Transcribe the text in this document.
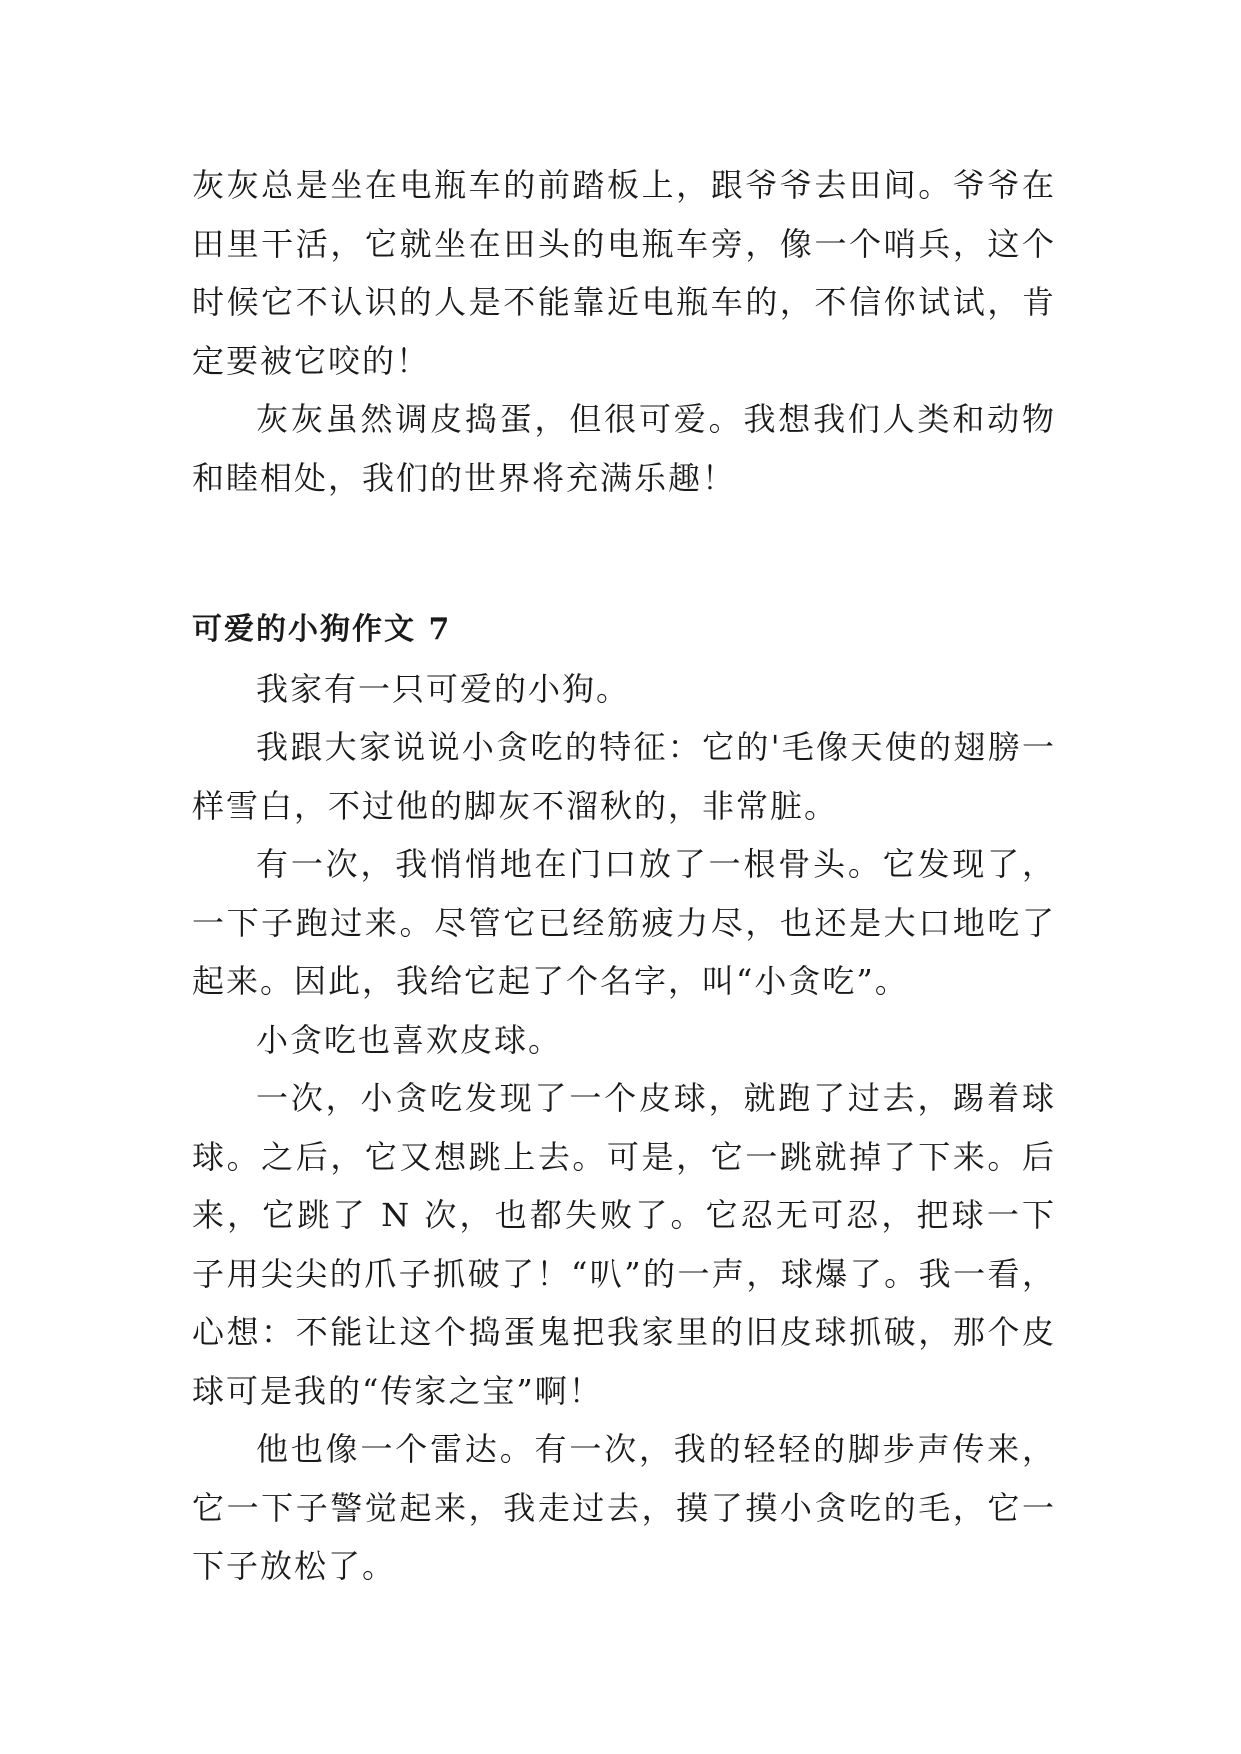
灰灰总是坐在电瓶车的前踏板上，跟爷爷去田间。爷爷在田里干活，它就坐在田头的电瓶车旁，像一个哨兵，这个时候它不认识的人是不能靠近电瓶车的，不信你试试，肯定要被它咬的！

灰灰虽然调皮捣蛋，但很可爱。我想我们人类和动物和睦相处，我们的世界将充满乐趣！

可爱的小狗作文 7

我家有一只可爱的小狗。

我跟大家说说小贪吃的特征：它的'毛像天使的翅膀一样雪白，不过他的脚灰不溜秋的，非常脏。

有一次，我悄悄地在门口放了一根骨头。它发现了，一下子跑过来。尽管它已经筋疲力尽，也还是大口地吃了起来。因此，我给它起了个名字，叫“小贪吃”。

小贪吃也喜欢皮球。

一次，小贪吃发现了一个皮球，就跑了过去，踢着球球。之后，它又想跳上去。可是，它一跳就掉了下来。后来，它跳了 N 次，也都失败了。它忍无可忍，把球一下子用尖尖的爪子抓破了！“叭”的一声，球爆了。我一看，心想：不能让这个捣蛋鬼把我家里的旧皮球抓破，那个皮球可是我的“传家之宝”啊！

他也像一个雷达。有一次，我的轻轻的脚步声传来，它一下子警觉起来，我走过去，摸了摸小贪吃的毛，它一下子放松了。
